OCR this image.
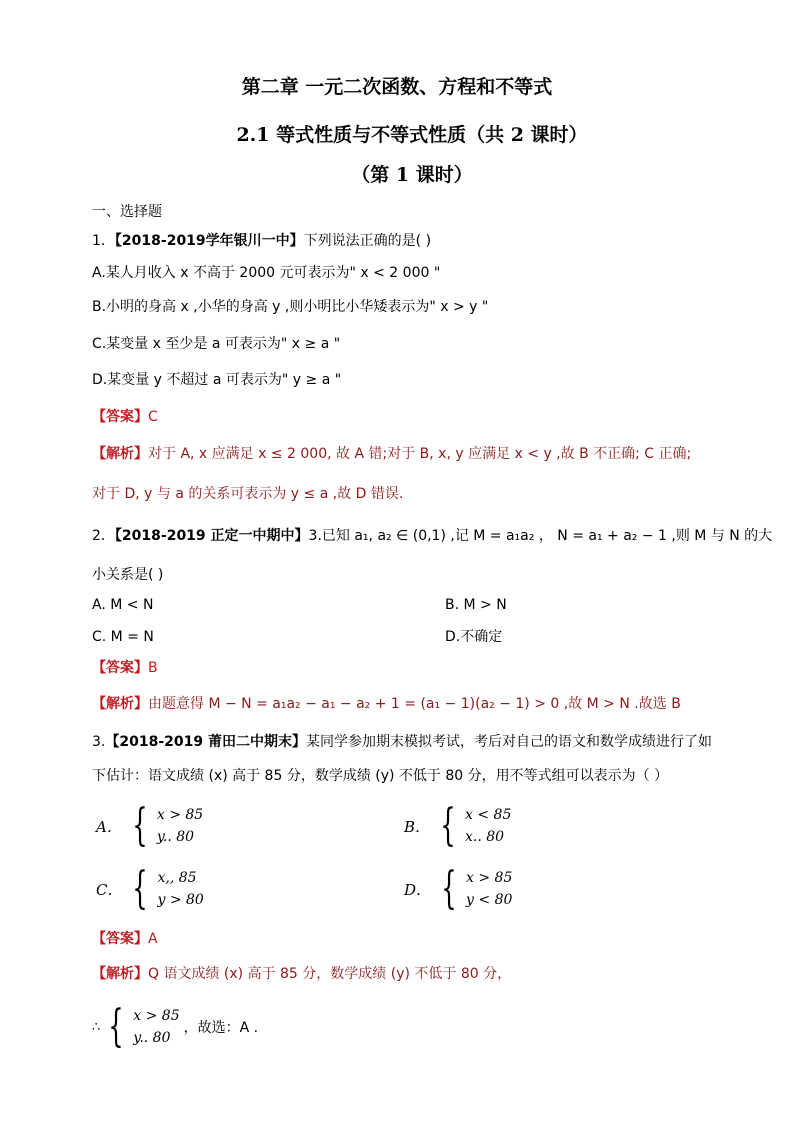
第二章 一元二次函数、方程和不等式
2.1 等式性质与不等式性质（共 2 课时）
（第 1 课时）
一、选择题
1．【2018-2019学年银川一中】下列说法正确的是( )
A.某人月收入 x 不高于 2000 元可表示为" x < 2 000 "
B.小明的身高 x ,小华的身高 y ,则小明比小华矮表示为" x > y "
C.某变量 x 至少是 a 可表示为" x ≥ a "
D.某变量 y 不超过 a 可表示为" y ≥ a "
【答案】C
【解析】对于 A, x 应满足 x ≤ 2 000, 故 A 错;对于 B, x, y 应满足 x < y ,故 B 不正确; C 正确;
对于 D, y 与 a 的关系可表示为 y ≤ a ,故 D 错误.
2．【2018-2019 正定一中期中】3.已知 a₁, a₂ ∈ (0,1) ,记 M = a₁a₂ ， N = a₁ + a₂ − 1 ,则 M 与 N 的大
小关系是( )
A. M < N	B. M > N
C. M = N	D.不确定
【答案】B
【解析】由题意得 M − N = a₁a₂ − a₁ − a₂ + 1 = (a₁ − 1)(a₂ − 1) > 0 ,故 M > N .故选 B
3.【2018-2019 莆田二中期末】某同学参加期末模拟考试，考后对自己的语文和数学成绩进行了如
下估计：语文成绩 (x) 高于 85 分，数学成绩 (y) 不低于 80 分，用不等式组可以表示为（ ）
A． { x > 85
y.. 80
B． { x < 85
x.. 80
C． { x,, 85
y > 80
D． { x > 85
y < 80
【答案】A
【解析】Q 语文成绩 (x) 高于 85 分，数学成绩 (y) 不低于 80 分，
∴ { x > 85
y.. 80
，故选：A .
